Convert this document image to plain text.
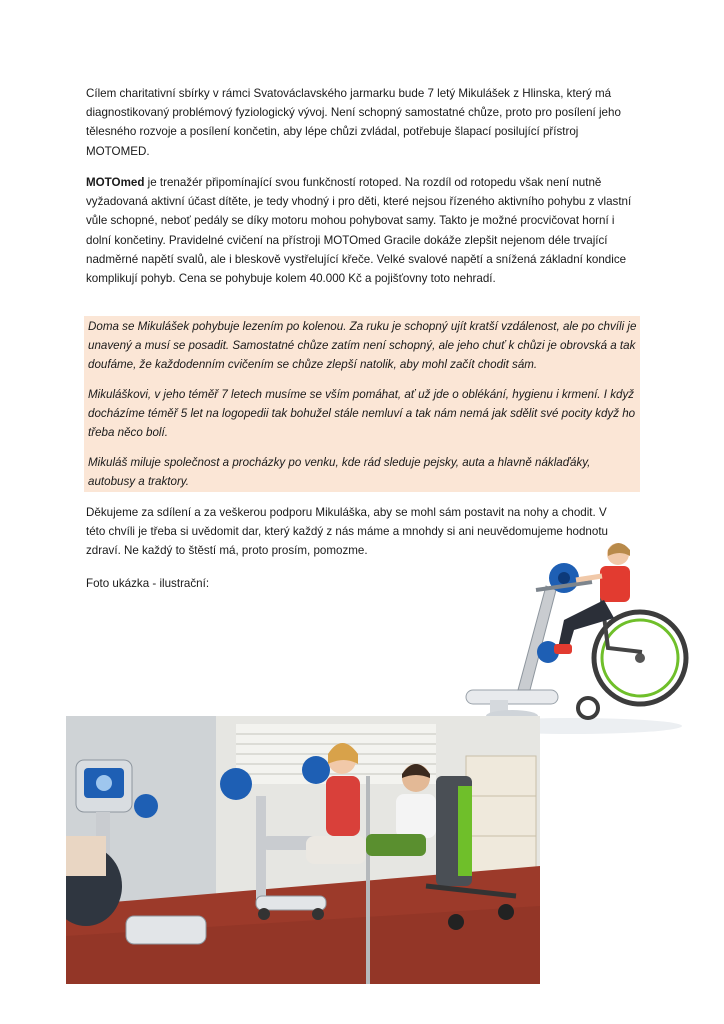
Cílem charitativní sbírky v rámci Svatováclavského jarmarku bude 7 letý Mikulášek z Hlinska, který má diagnostikovaný problémový fyziologický vývoj. Není schopný samostatné chůze, proto pro posílení jeho tělesného rozvoje a posílení končetin, aby lépe chůzi zvládal, potřebuje šlapací posilující přístroj MOTOMED.
MOTOmed je trenažér připomínající svou funkčností rotoped. Na rozdíl od rotopedu však není nutně vyžadovaná aktivní účast dítěte, je tedy vhodný i pro děti, které nejsou řízeného aktivního pohybu z vlastní vůle schopné, neboť pedály se díky motoru mohou pohybovat samy. Takto je možné procvičovat horní i dolní končetiny. Pravidelné cvičení na přístroji MOTOmed Gracile dokáže zlepšit nejenom déle trvající nadměrné napětí svalů, ale i bleskově vystřelující křeče. Velké svalové napětí a snížená základní kondice komplikují pohyb. Cena se pohybuje kolem 40.000 Kč a pojišťovny toto nehradí.
Doma se Mikulášek pohybuje lezením po kolenou. Za ruku je schopný ujít kratší vzdálenost, ale po chvíli je unavený a musí se posadit. Samostatné chůze zatím není schopný, ale jeho chuť k chůzi je obrovská a tak doufáme, že každodenním cvičením se chůze zlepší natolik, aby mohl začít chodit sám.
Mikuláškovi, v jeho téměř 7 letech musíme se vším pomáhat, ať už jde o oblékání, hygienu i krmení. I když docházíme téměř 5 let na logopedii tak bohužel stále nemluví a tak nám nemá jak sdělit své pocity když ho třeba něco bolí.
Mikuláš miluje společnost a procházky po venku, kde rád sleduje pejsky, auta a hlavně náklaďáky, autobusy a traktory.
Děkujeme za sdílení a za veškerou podporu Mikuláška, aby se mohl sám postavit na nohy a chodit. V této chvíli je třeba si uvědomit dar, který každý z nás máme a mnohdy si ani neuvědomujeme hodnotu zdraví. Ne každý to štěstí má, proto prosím, pomozme.
Foto ukázka - ilustrační:
